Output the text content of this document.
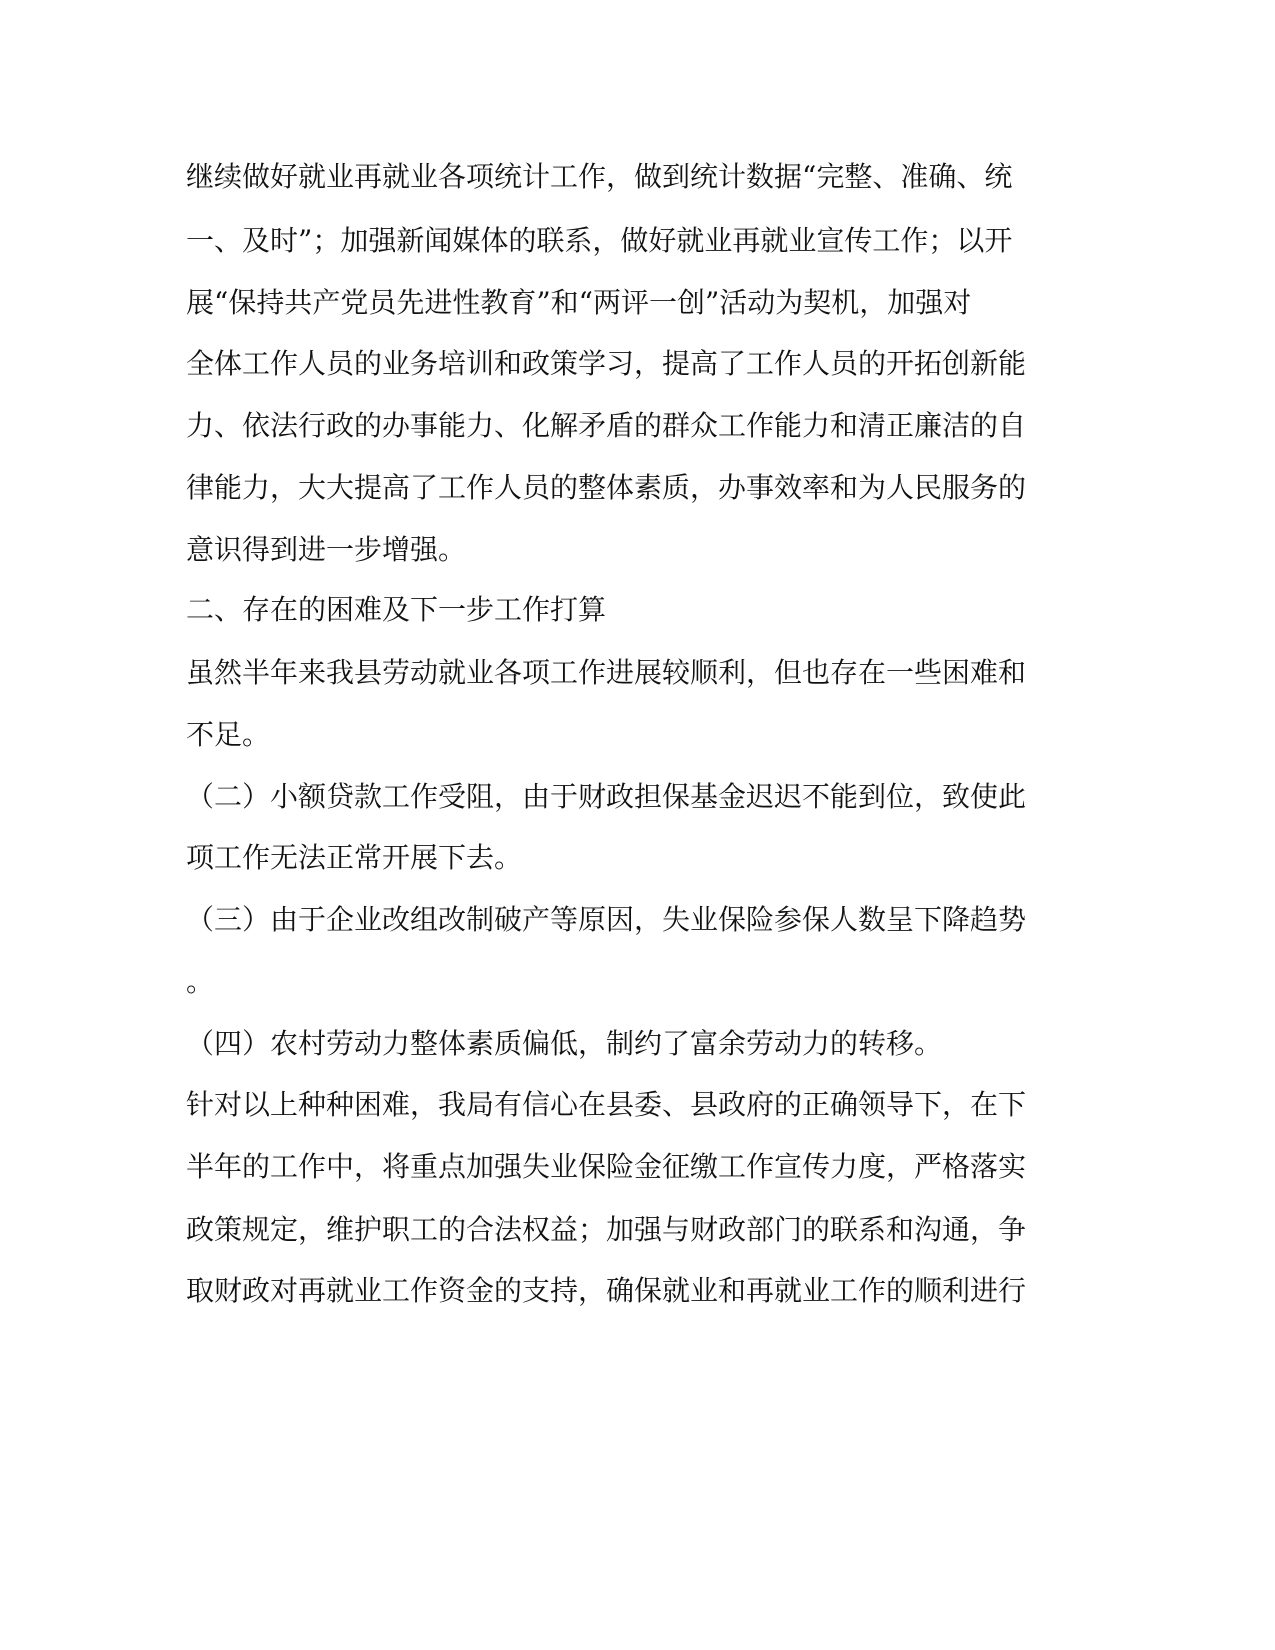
继续做好就业再就业各项统计工作，做到统计数据“完整、准确、统
一、及时”；加强新闻媒体的联系，做好就业再就业宣传工作；以开
展“保持共产党员先进性教育”和“两评一创”活动为契机，加强对
全体工作人员的业务培训和政策学习，提高了工作人员的开拓创新能
力、依法行政的办事能力、化解矛盾的群众工作能力和清正廉洁的自
律能力，大大提高了工作人员的整体素质，办事效率和为人民服务的
意识得到进一步增强。
二、存在的困难及下一步工作打算
虽然半年来我县劳动就业各项工作进展较顺利，但也存在一些困难和
不足。
（二）小额贷款工作受阻，由于财政担保基金迟迟不能到位，致使此
项工作无法正常开展下去。
（三）由于企业改组改制破产等原因，失业保险参保人数呈下降趋势
。
（四）农村劳动力整体素质偏低，制约了富余劳动力的转移。
针对以上种种困难，我局有信心在县委、县政府的正确领导下，在下
半年的工作中，将重点加强失业保险金征缴工作宣传力度，严格落实
政策规定，维护职工的合法权益；加强与财政部门的联系和沟通，争
取财政对再就业工作资金的支持，确保就业和再就业工作的顺利进行
